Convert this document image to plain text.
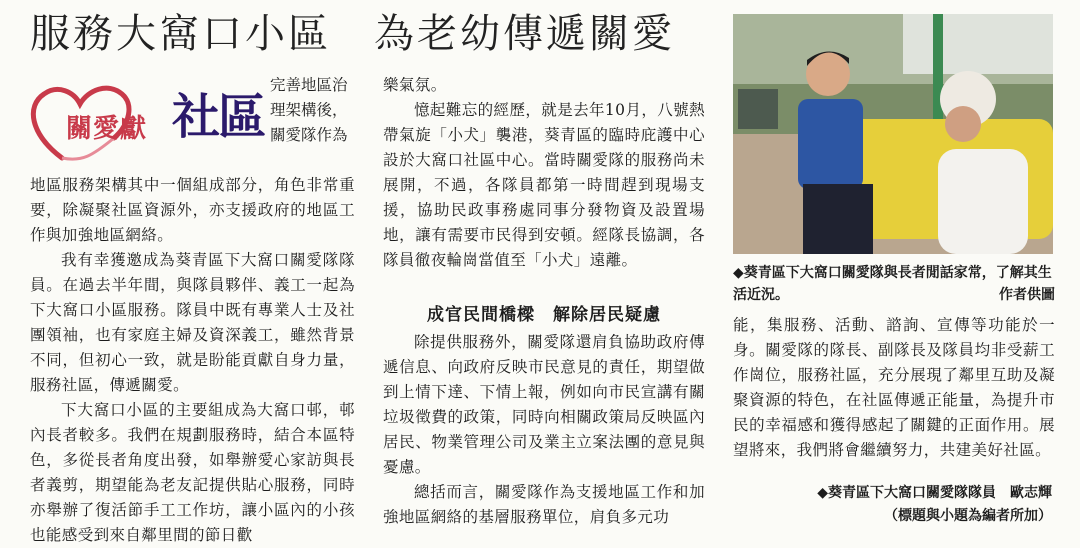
服務大窩口小區　為老幼傳遞關愛
關愛獻 社區
完善地區治理架構後，關愛隊作為

地區服務架構其中一個組成部分，角色非常重要，除凝聚社區資源外，亦支援政府的地區工作與加強地區網絡。

我有幸獲邀成為葵青區下大窩口關愛隊隊員。在過去半年間，與隊員夥伴、義工一起為下大窩口小區服務。隊員中既有專業人士及社團領袖，也有家庭主婦及資深義工，雖然背景不同，但初心一致，就是盼能貢獻自身力量，服務社區，傳遞關愛。

下大窩口小區的主要組成為大窩口邨，邨內長者較多。我們在規劃服務時，結合本區特色，多從長者角度出發，如舉辦愛心家訪與長者義剪，期望能為老友記提供貼心服務，同時亦舉辦了復活節手工工作坊，讓小區內的小孩也能感受到來自鄰里間的節日歡

樂氣氛。

憶起難忘的經歷，就是去年10月，八號熱帶氣旋「小犬」襲港，葵青區的臨時庇護中心設於大窩口社區中心。當時關愛隊的服務尚未展開，不過，各隊員都第一時間趕到現場支援，協助民政事務處同事分發物資及設置場地，讓有需要市民得到安頓。經隊長協調，各隊員徹夜輪崗當值至「小犬」遠離。

成官民間橋樑　解除居民疑慮

除提供服務外，關愛隊還肩負協助政府傳遞信息、向政府反映市民意見的責任，期望做到上情下達、下情上報，例如向市民宣講有關垃圾徵費的政策，同時向相關政策局反映區內居民、物業管理公司及業主立案法團的意見與憂慮。

總括而言，關愛隊作為支援地區工作和加強地區網絡的基層服務單位，肩負多元功

◆葵青區下大窩口關愛隊與長者閒話家常，了解其生活近況。	作者供圖

能，集服務、活動、諮詢、宣傳等功能於一身。關愛隊的隊長、副隊長及隊員均非受薪工作崗位，服務社區，充分展現了鄰里互助及凝聚資源的特色，在社區傳遞正能量，為提升市民的幸福感和獲得感起了關鍵的正面作用。展望將來，我們將會繼續努力，共建美好社區。

◆葵青區下大窩口關愛隊隊員　歐志輝
（標題與小題為編者所加）
